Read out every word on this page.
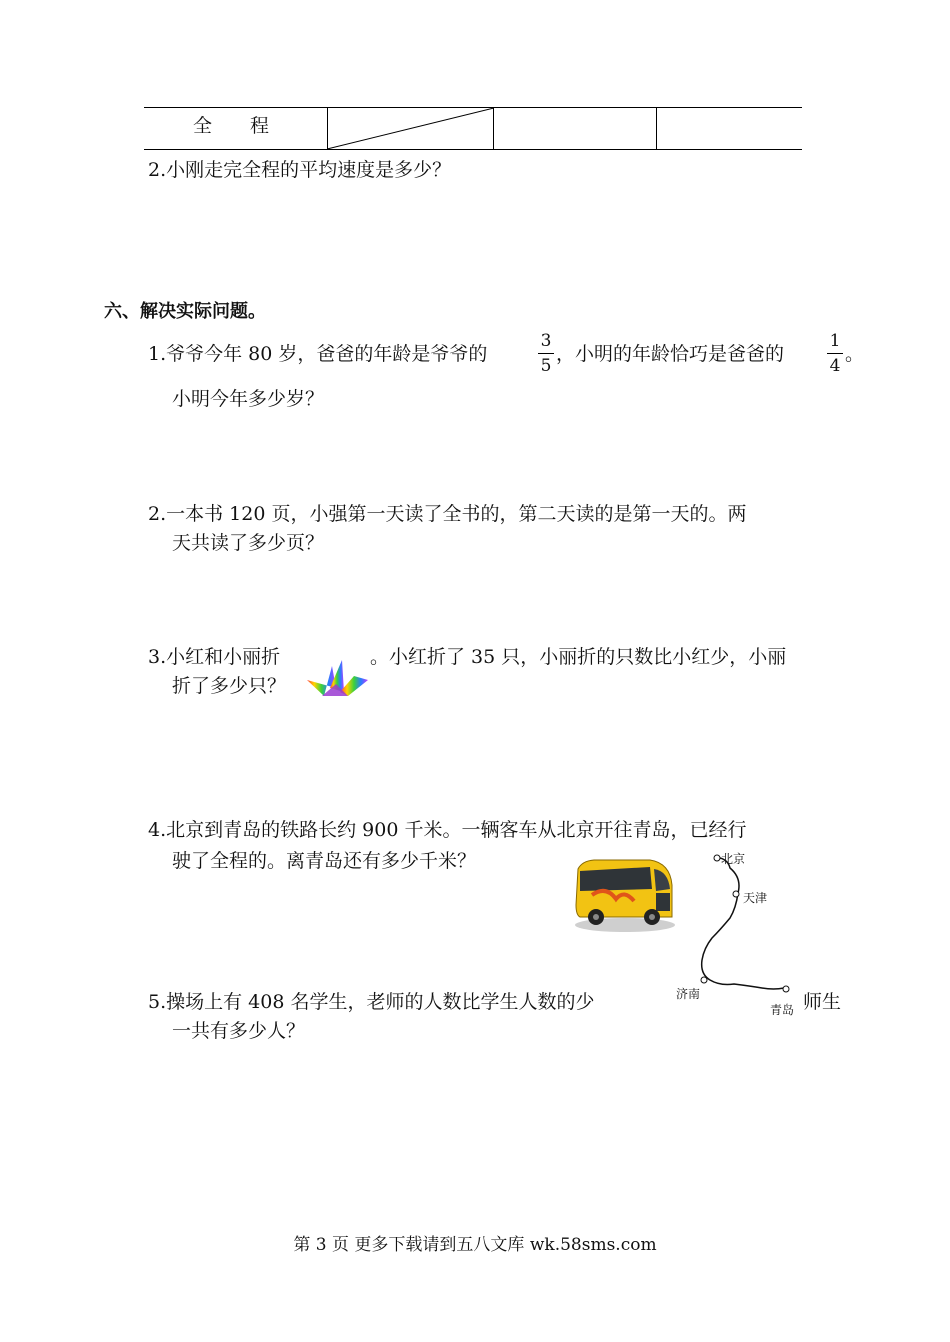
全　　程
2.小刚走完全程的平均速度是多少？
六、解决实际问题。
1.爷爷今年 80 岁，爸爸的年龄是爷爷的
3
5
，小明的年龄恰巧是爸爸的
1
4
。
小明今年多少岁？
2.一本书 120 页，小强第一天读了全书的，第二天读的是第一天的。两
天共读了多少页？
3.小红和小丽折	。小红折了 35 只，小丽折的只数比小红少，小丽
折了多少只？
4.北京到青岛的铁路长约 900 千米。一辆客车从北京开往青岛，已经行
驶了全程的。离青岛还有多少千米？	北京
天津
济南
青岛
5.操场上有 408 名学生，老师的人数比学生人数的少	师生
一共有多少人？
第 3 页 更多下载请到五八文库 wk.58sms.com
